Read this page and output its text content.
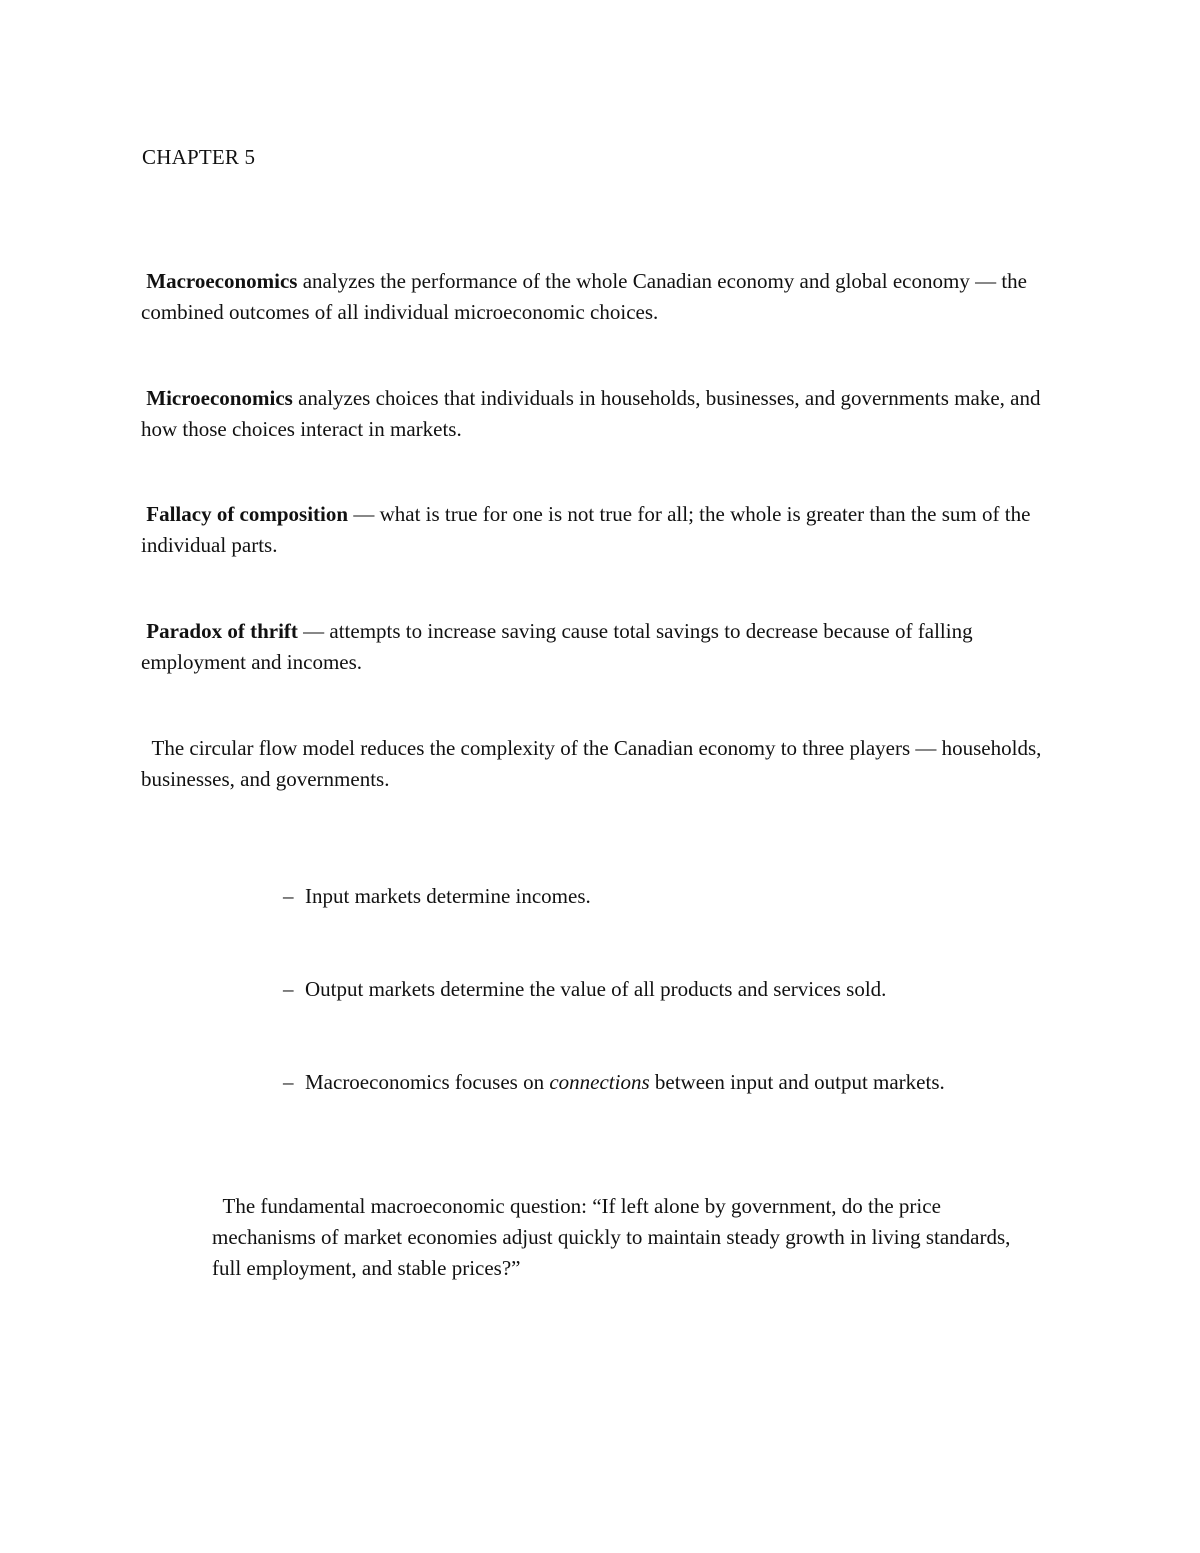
CHAPTER 5

Macroeconomics analyzes the performance of the whole Canadian economy and global economy — the combined outcomes of all individual microeconomic choices.

Microeconomics analyzes choices that individuals in households, businesses, and governments make, and how those choices interact in markets.

Fallacy of composition — what is true for one is not true for all; the whole is greater than the sum of the individual parts.

Paradox of thrift — attempts to increase saving cause total savings to decrease because of falling employment and incomes.

The circular flow model reduces the complexity of the Canadian economy to three players — households, businesses, and governments.

– Input markets determine incomes.

– Output markets determine the value of all products and services sold.

– Macroeconomics focuses on connections between input and output markets.

The fundamental macroeconomic question: “If left alone by government, do the price mechanisms of market economies adjust quickly to maintain steady growth in living standards, full employment, and stable prices?”
